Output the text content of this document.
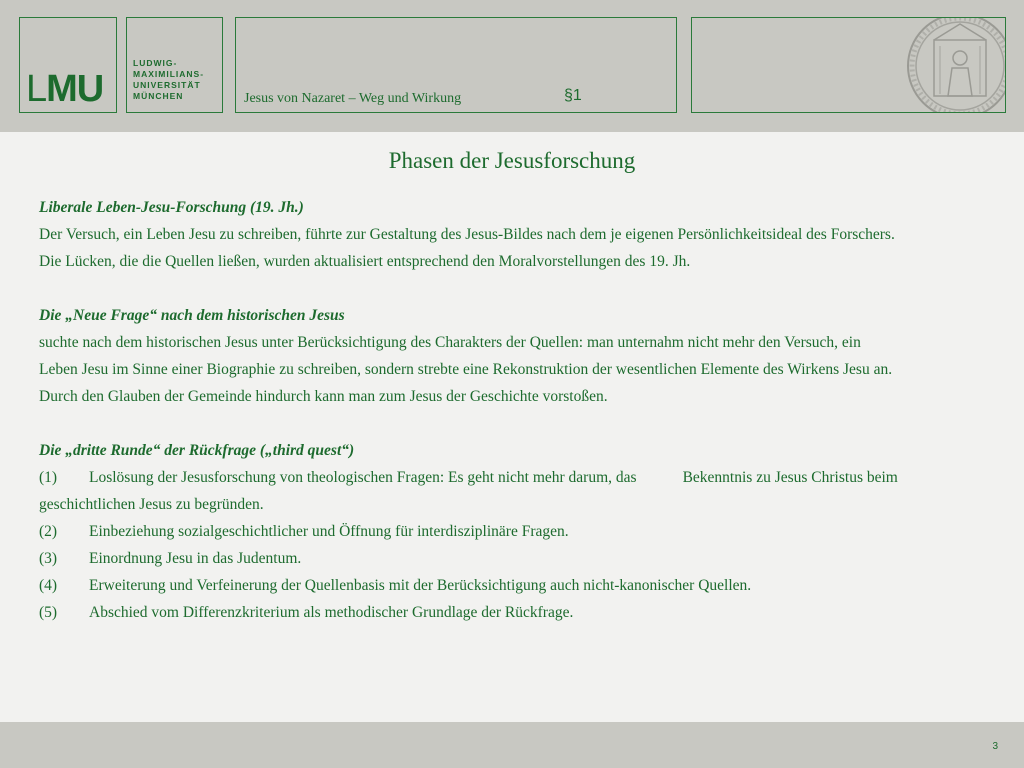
LMU
LUDWIG-
MAXIMILIANS-
UNIVERSITÄT
MÜNCHEN	Jesus von Nazaret – Weg und Wirkung	§1
Phasen der Jesusforschung
Liberale Leben-Jesu-Forschung (19. Jh.)
Der Versuch, ein Leben Jesu zu schreiben, führte zur Gestaltung des Jesus-Bildes nach dem je eigenen Persönlichkeitsideal des Forschers.
Die Lücken, die die Quellen ließen, wurden aktualisiert entsprechend den Moralvorstellungen des 19. Jh.
Die „Neue Frage“ nach dem historischen Jesus
suchte nach dem historischen Jesus unter Berücksichtigung des Charakters der Quellen: man unternahm nicht mehr den Versuch, ein
Leben Jesu im Sinne einer Biographie zu schreiben, sondern strebte eine Rekonstruktion der wesentlichen Elemente des Wirkens Jesu an.
Durch den Glauben der Gemeinde hindurch kann man zum Jesus der Geschichte vorstoßen.
Die „dritte Runde“ der Rückfrage („third quest“)
(1) Loslösung der Jesusforschung von theologischen Fragen: Es geht nicht mehr darum, das	Bekenntnis zu Jesus Christus beim
geschichtlichen Jesus zu begründen.
(2) Einbeziehung sozialgeschichtlicher und Öffnung für interdisziplinäre Fragen.
(3) Einordnung Jesu in das Judentum.
(4) Erweiterung und Verfeinerung der Quellenbasis mit der Berücksichtigung auch nicht-kanonischer Quellen.
(5) Abschied vom Differenzkriterium als methodischer Grundlage der Rückfrage.
3
